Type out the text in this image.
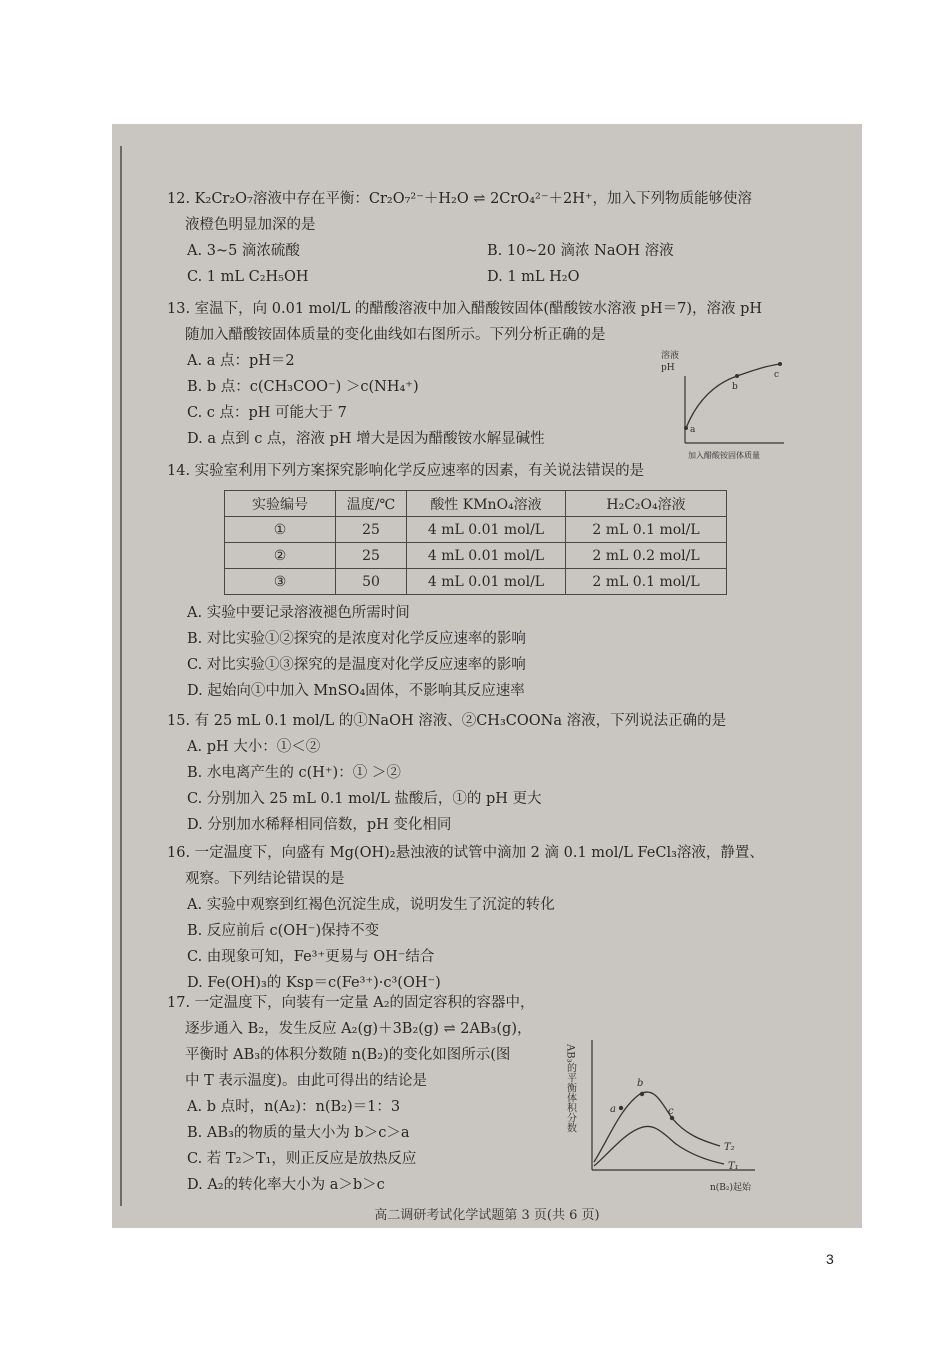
12. K₂Cr₂O₇溶液中存在平衡：Cr₂O₇²⁻＋H₂O ⇌ 2CrO₄²⁻＋2H⁺，加入下列物质能够使溶
液橙色明显加深的是
A. 3~5 滴浓硫酸	B. 10~20 滴浓 NaOH 溶液
C. 1 mL C₂H₅OH	D. 1 mL H₂O
13. 室温下，向 0.01 mol/L 的醋酸溶液中加入醋酸铵固体(醋酸铵水溶液 pH＝7)，溶液 pH
随加入醋酸铵固体质量的变化曲线如右图所示。下列分析正确的是
A. a 点：pH＝2
B. b 点：c(CH₃COO⁻) ＞c(NH₄⁺)
C. c 点：pH 可能大于 7
D. a 点到 c 点，溶液 pH 增大是因为醋酸铵水解显碱性
溶液
pH
a
b
c
加入醋酸铵固体质量
14. 实验室利用下列方案探究影响化学反应速率的因素，有关说法错误的是
实验编号	温度/℃	酸性 KMnO₄溶液	H₂C₂O₄溶液
①	25	4 mL 0.01 mol/L	2 mL 0.1 mol/L
②	25	4 mL 0.01 mol/L	2 mL 0.2 mol/L
③	50	4 mL 0.01 mol/L	2 mL 0.1 mol/L
A. 实验中要记录溶液褪色所需时间
B. 对比实验①②探究的是浓度对化学反应速率的影响
C. 对比实验①③探究的是温度对化学反应速率的影响
D. 起始向①中加入 MnSO₄固体，不影响其反应速率
15. 有 25 mL 0.1 mol/L 的①NaOH 溶液、②CH₃COONa 溶液，下列说法正确的是
A. pH 大小：①＜②
B. 水电离产生的 c(H⁺)：① ＞②
C. 分别加入 25 mL 0.1 mol/L 盐酸后，①的 pH 更大
D. 分别加水稀释相同倍数，pH 变化相同
16. 一定温度下，向盛有 Mg(OH)₂悬浊液的试管中滴加 2 滴 0.1 mol/L FeCl₃溶液，静置、
观察。下列结论错误的是
A. 实验中观察到红褐色沉淀生成，说明发生了沉淀的转化
B. 反应前后 c(OH⁻)保持不变
C. 由现象可知，Fe³⁺更易与 OH⁻结合
D. Fe(OH)₃的 Ksp＝c(Fe³⁺)·c³(OH⁻)
17. 一定温度下，向装有一定量 A₂的固定容积的容器中，
逐步通入 B₂，发生反应 A₂(g)＋3B₂(g) ⇌ 2AB₃(g)，
平衡时 AB₃的体积分数随 n(B₂)的变化如图所示(图
中 T 表示温度)。由此可得出的结论是
A. b 点时，n(A₂)：n(B₂)＝1：3
B. AB₃的物质的量大小为 b＞c＞a
C. 若 T₂＞T₁，则正反应是放热反应
D. A₂的转化率大小为 a＞b＞c
AB₃的平衡体积分数	a
b
c
T₂
T₁
n(B₂)起始
高二调研考试化学试题第 3 页(共 6 页)
3
